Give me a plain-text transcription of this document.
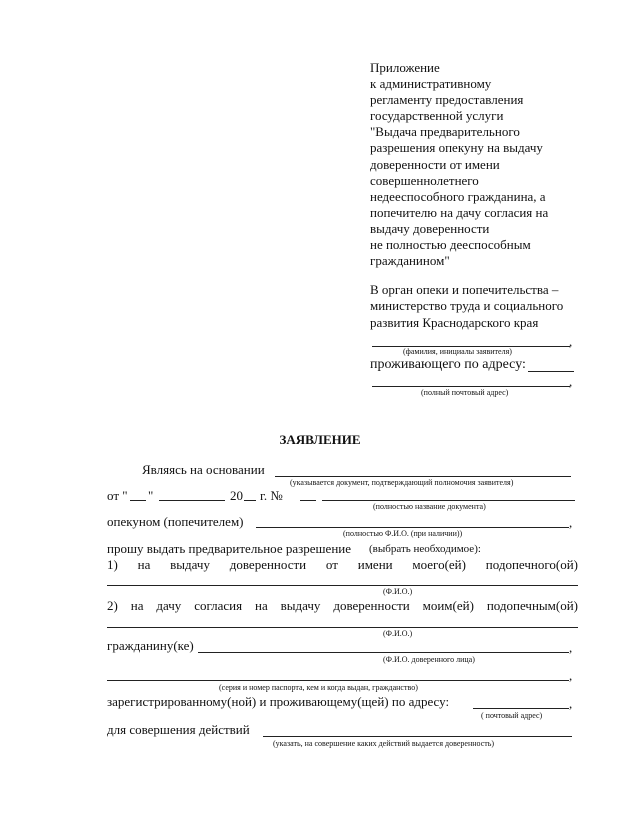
Приложение
к административному
регламенту предоставления
государственной услуги
"Выдача предварительного
разрешения опекуну на выдачу
доверенности от имени
совершеннолетнего
недееспособного гражданина, а
попечителю на дачу согласия на
выдачу доверенности
не полностью дееспособным
гражданином"
В орган опеки и попечительства –
министерство труда и социального
развития Краснодарского края
,
(фамилия, инициалы заявителя)
проживающего по адресу:
,
(полный почтовый адрес)
ЗАЯВЛЕНИЕ
Являясь на основании
(указывается документ, подтверждающий полномочия заявителя)
от " "	20 г. №
(полностью название документа)
опекуном (попечителем)	,
(полностью Ф.И.О. (при наличии))
прошу выдать предварительное разрешение (выбрать необходимое):
1) на выдачу доверенности от имени моего(ей) подопечного(ой)
(Ф.И.О.)
2) на дачу согласия на выдачу доверенности моим(ей) подопечным(ой)
(Ф.И.О.)
гражданину(ке)	,
(Ф.И.О. доверенного лица)
,
(серия и номер паспорта, кем и когда выдан, гражданство)
зарегистрированному(ной) и проживающему(щей) по адресу:	,
( почтовый адрес)
для совершения действий
(указать, на совершение каких действий выдается доверенность)
